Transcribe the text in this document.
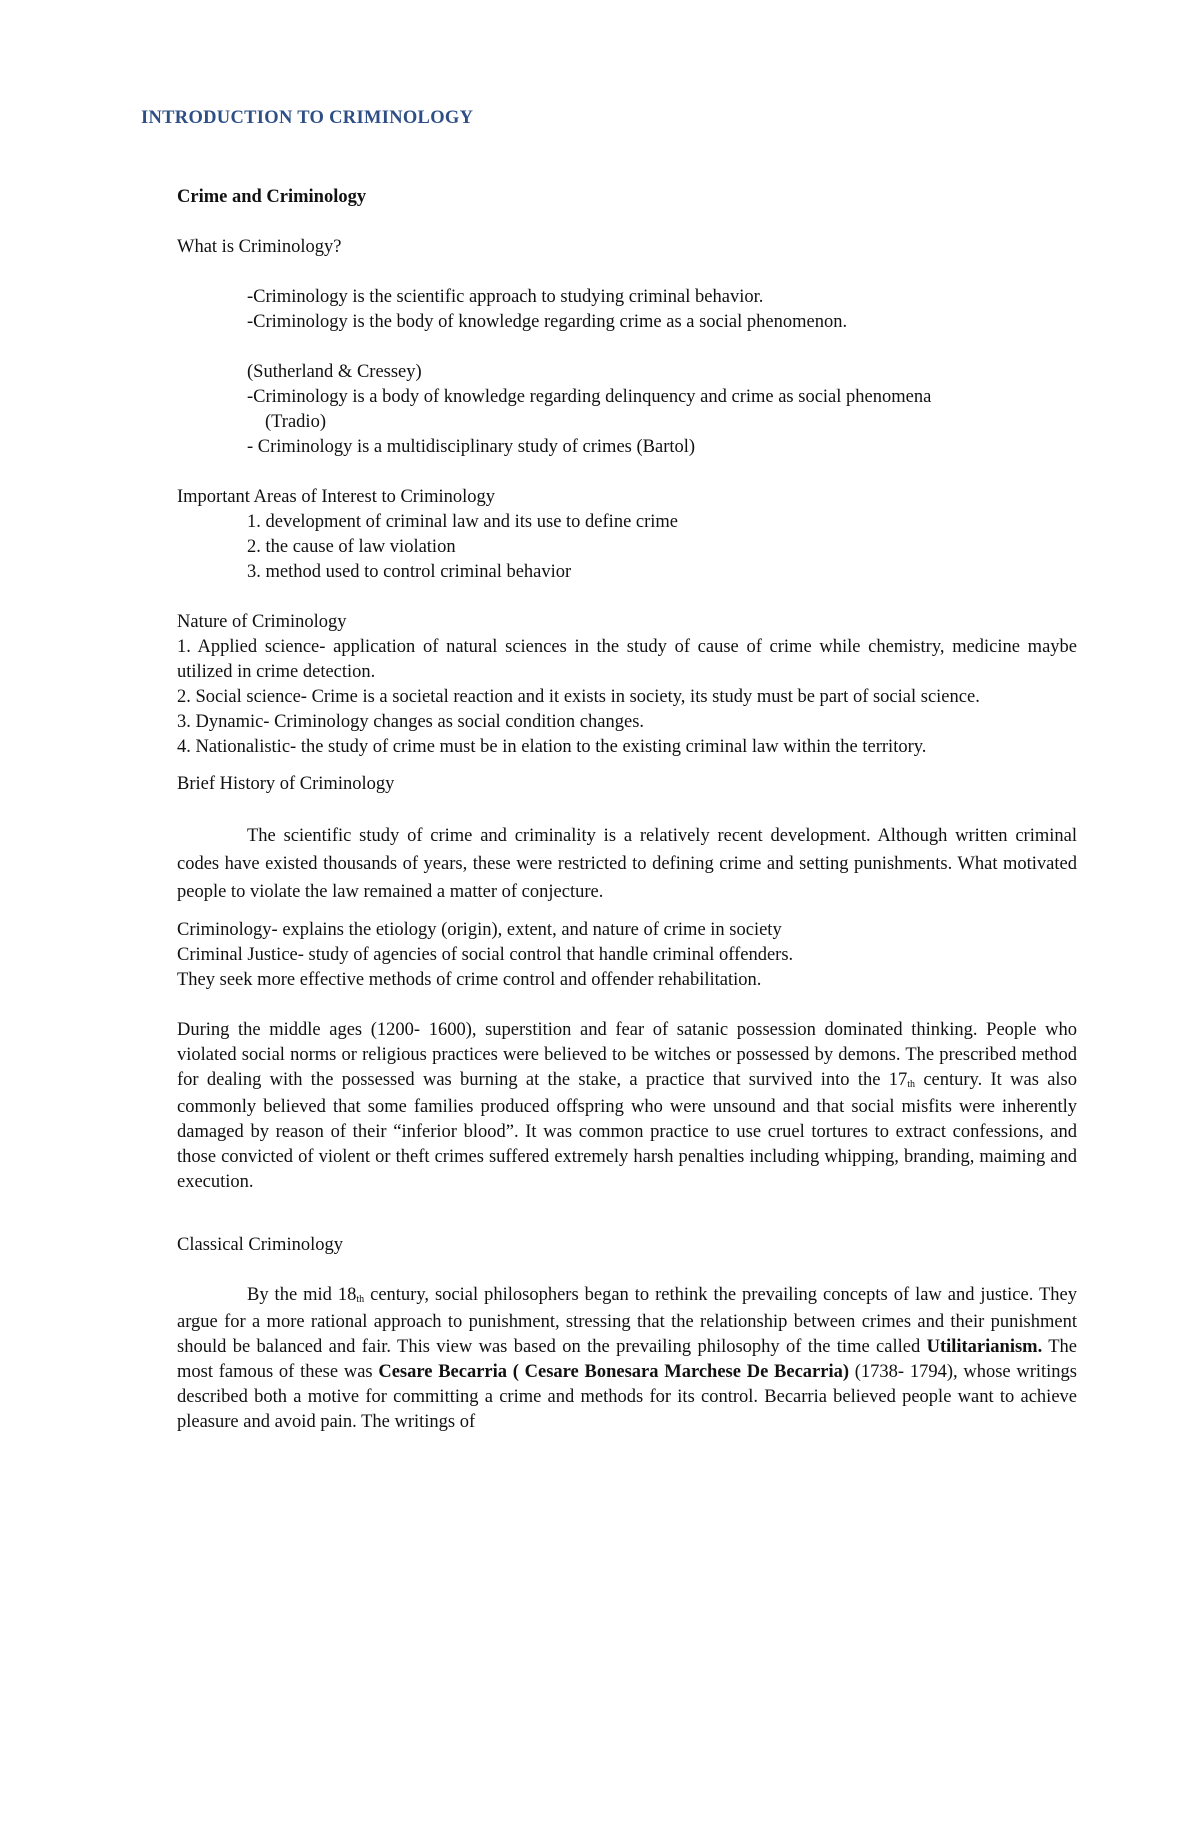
INTRODUCTION TO CRIMINOLOGY

Crime and Criminology

What is Criminology?

-Criminology is the scientific approach to studying criminal behavior.

-Criminology is the body of knowledge regarding crime as a social phenomenon.

(Sutherland & Cressey)

-Criminology is a body of knowledge regarding delinquency and crime as social phenomena

(Tradio)

- Criminology is a multidisciplinary study of crimes (Bartol)

Important Areas of Interest to Criminology

1. development of criminal law and its use to define crime

2. the cause of law violation

3. method used to control criminal behavior

Nature of Criminology

1. Applied science- application of natural sciences in the study of cause of crime while chemistry, medicine maybe utilized in crime detection.

2. Social science- Crime is a societal reaction and it exists in society, its study must be part of social science.

3. Dynamic- Criminology changes as social condition changes.

4. Nationalistic- the study of crime must be in elation to the existing criminal law within the territory.

Brief History of Criminology

The scientific study of crime and criminality is a relatively recent development. Although written criminal codes have existed thousands of years, these were restricted to defining crime and setting punishments. What motivated people to violate the law remained a matter of conjecture.

Criminology- explains the etiology (origin), extent, and nature of crime in society

Criminal Justice- study of agencies of social control that handle criminal offenders.

They seek more effective methods of crime control and offender rehabilitation.

During the middle ages (1200- 1600), superstition and fear of satanic possession dominated thinking. People who violated social norms or religious practices were believed to be witches or possessed by demons. The prescribed method for dealing with the possessed was burning at the stake, a practice that survived into the 17th century. It was also commonly believed that some families produced offspring who were unsound and that social misfits were inherently damaged by reason of their “inferior blood”. It was common practice to use cruel tortures to extract confessions, and those convicted of violent or theft crimes suffered extremely harsh penalties including whipping, branding, maiming and execution.

Classical Criminology

By the mid 18th century, social philosophers began to rethink the prevailing concepts of law and justice. They argue for a more rational approach to punishment, stressing that the relationship between crimes and their punishment should be balanced and fair. This view was based on the prevailing philosophy of the time called Utilitarianism. The most famous of these was Cesare Becarria ( Cesare Bonesara Marchese De Becarria) (1738- 1794), whose writings described both a motive for committing a crime and methods for its control. Becarria believed people want to achieve pleasure and avoid pain. The writings of
